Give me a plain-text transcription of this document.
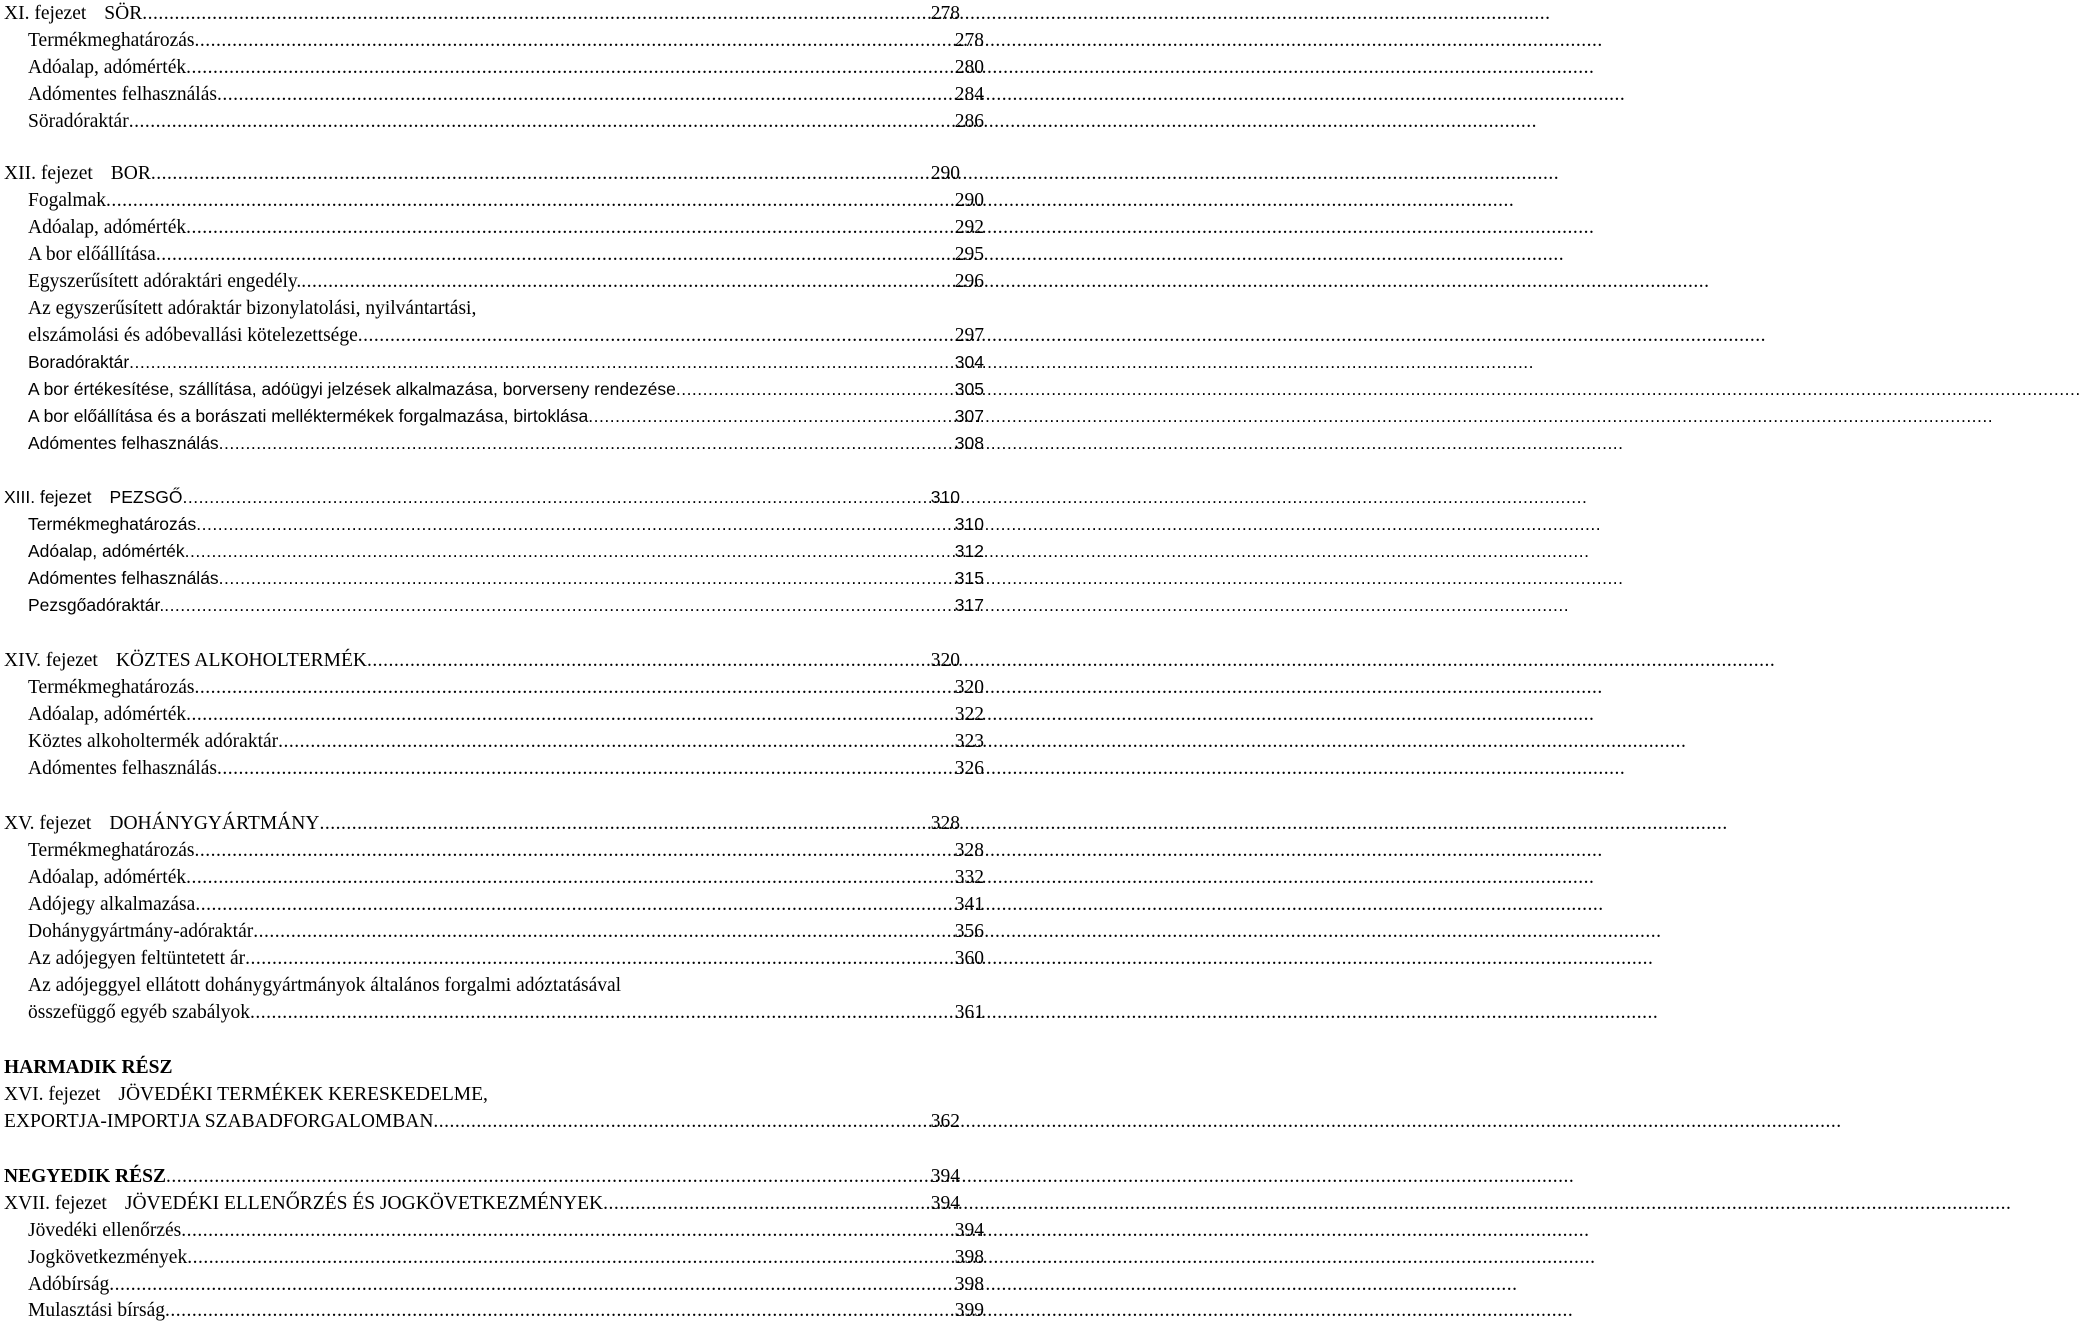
XI. fejezet SÖR .....	278
Termékmeghatározás .....	278
Adóalap, adómérték .....	280
Adómentes felhasználás .....	284
Söradóraktár .....	286
XII. fejezet BOR .....	290
Fogalmak .....	290
Adóalap, adómérték .....	292
A bor előállítása .....	295
Egyszerűsített adóraktári engedély. .....	296
Az egyszerűsített adóraktár bizonylatolási, nyilvántartási,
elszámolási és adóbevallási kötelezettsége .....	297
Boradóraktár .....	304
A bor értékesítése, szállítása, adóügyi jelzések alkalmazása, borverseny rendezése .....	305
A bor előállítása és a borászati melléktermékek forgalmazása, birtoklása .....	307
Adómentes felhasználás .....	308
XIII. fejezet PEZSGŐ .....	310
Termékmeghatározás .....	310
Adóalap, adómérték .....	312
Adómentes felhasználás .....	315
Pezsgőadóraktár. .....	317
XIV. fejezet KÖZTES ALKOHOLTERMÉK .....	320
Termékmeghatározás .....	320
Adóalap, adómérték .....	322
Köztes alkoholtermék adóraktár .....	323
Adómentes felhasználás .....	326
XV. fejezet DOHÁNYGYÁRTMÁNY .....	328
Termékmeghatározás .....	328
Adóalap, adómérték .....	332
Adójegy alkalmazása .....	341
Dohánygyártmány-adóraktár .....	356
Az adójegyen feltüntetett ár .....	360
Az adójeggyel ellátott dohánygyártmányok általános forgalmi adóztatásával
összefüggő egyéb szabályok .....	361
HARMADIK RÉSZ
XVI. fejezet JÖVEDÉKI TERMÉKEK KERESKEDELME,
EXPORTJA-IMPORTJA SZABADFORGALOMBAN .....	362
NEGYEDIK RÉSZ .....	394
XVII. fejezet JÖVEDÉKI ELLENŐRZÉS ÉS JOGKÖVETKEZMÉNYEK .....	394
Jövedéki ellenőrzés .....	394
Jogkövetkezmények .....	398
Adóbírság .....	398
Mulasztási bírság .....	399
